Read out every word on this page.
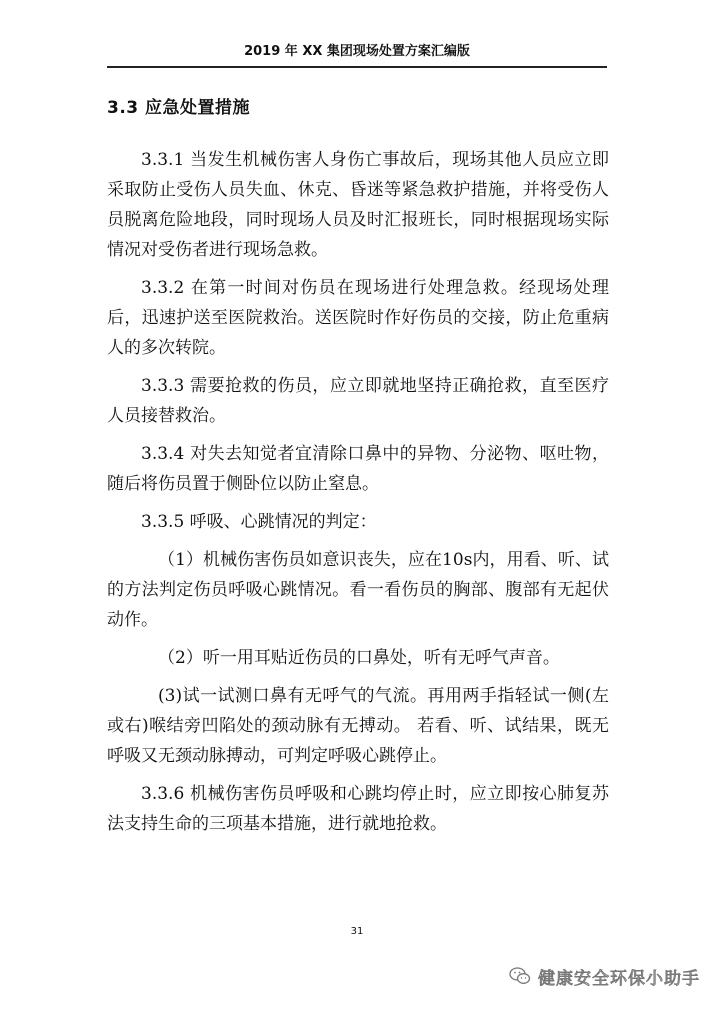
2019 年 XX 集团现场处置方案汇编版
3.3 应急处置措施

3.3.1 当发生机械伤害人身伤亡事故后，现场其他人员应立即采取防止受伤人员失血、休克、昏迷等紧急救护措施，并将受伤人员脱离危险地段，同时现场人员及时汇报班长，同时根据现场实际情况对受伤者进行现场急救。

3.3.2 在第一时间对伤员在现场进行处理急救。经现场处理后，迅速护送至医院救治。送医院时作好伤员的交接，防止危重病人的多次转院。

3.3.3 需要抢救的伤员，应立即就地坚持正确抢救，直至医疗人员接替救治。

3.3.4 对失去知觉者宜清除口鼻中的异物、分泌物、呕吐物，随后将伤员置于侧卧位以防止窒息。

3.3.5 呼吸、心跳情况的判定：

（1）机械伤害伤员如意识丧失，应在10s内，用看、听、试的方法判定伤员呼吸心跳情况。看一看伤员的胸部、腹部有无起伏动作。

（2）听一用耳贴近伤员的口鼻处，听有无呼气声音。

(3)试一试测口鼻有无呼气的气流。再用两手指轻试一侧(左或右)喉结旁凹陷处的颈动脉有无搏动。 若看、听、试结果，既无呼吸又无颈动脉搏动，可判定呼吸心跳停止。

3.3.6 机械伤害伤员呼吸和心跳均停止时，应立即按心肺复苏法支持生命的三项基本措施，进行就地抢救。

31
健康安全环保小助手
